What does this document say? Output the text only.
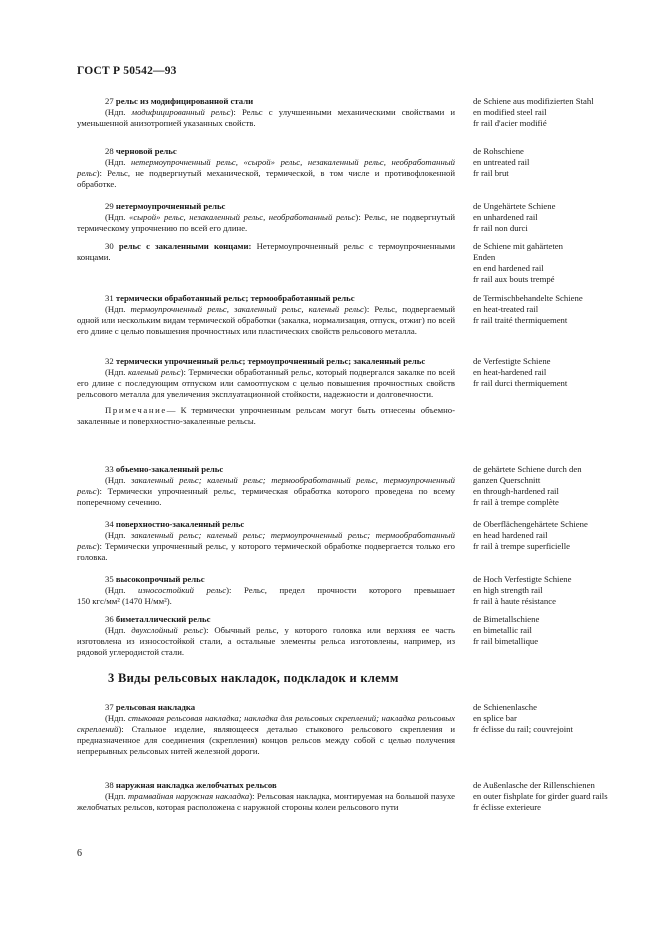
ГОСТ Р 50542—93

27 рельс из модифицированной стали

(Ндп. модифицированный рельс): Рельс с улучшенными механическими свойствами и уменьшенной анизотропией указанных свойств.

de Schiene aus modifizierten Stahl
en modified steel rail
fr rail d'acier modifié

28 черновой рельс

(Ндп. нетермоупрочненный рельс, «сырой» рельс, незакаленный рельс, необработанный рельс): Рельс, не подвергнутый механической, термической, в том числе и противофлокенной обработке.

de Rohschiene
en untreated rail
fr rail brut

29 нетермоупрочненный рельс

(Ндп. «сырой» рельс, незакаленный рельс, необработанный рельс): Рельс, не подвергнутый термическому упрочнению по всей его длине.

de Ungehärtete Schiene
en unhardened rail
fr rail non durci

30 рельс с закаленными концами: Нетермоупрочненный рельс с термоупрочненными концами.

de Schiene mit gahärteten
Enden
en end hardened rail
fr rail aux bouts trempé

31 термически обработанный рельс; термообработанный рельс

(Ндп. термоупрочненный рельс, закаленный рельс, каленый рельс): Рельс, подвергаемый одной или нескольким видам термической обработки (закалка, нормализация, отпуск, отжиг) по всей его длине с целью повышения прочностных или пластических свойств рельсового металла.

de Termischbehandelte Schiene
en heat-treated rail
fr rail traité thermiquement

32 термически упрочненный рельс; термоупрочненный рельс; закаленный рельс

(Ндп. каленый рельс): Термически обработанный рельс, который подвергался закалке по всей его длине с последующим отпуском или самоотпуском с целью повышения прочностных свойств рельсового металла для увеличения эксплуатационной стойкости, надежности и долговечности.

Примечание— К термически упрочненным рельсам могут быть отнесены объемно-закаленные и поверхностно-закаленные рельсы.

de Verfestigte Schiene
en heat-hardened rail
fr rail durci thermiquement

33 объемно-закаленный рельс

(Ндп. закаленный рельс; каленый рельс; термообработанный рельс, термоупрочненный рельс): Термически упрочненный рельс, термическая обработка которого проведена по всему поперечному сечению.

de gehärtete Schiene durch den
ganzen Querschnitt
en through-hardened rail
fr rail à trempe complète

34 поверхностно-закаленный рельс

(Ндп. закаленный рельс; каленый рельс; термоупрочненный рельс; термообработанный рельс): Термически упрочненный рельс, у которого термической обработке подвергается только его головка.

de Oberflächengehärtete Schiene
en head hardened rail
fr rail à trempe superficielle

35 высокопрочный рельс

(Ндп. износостойкий рельс): Рельс, предел прочности которого превышает

150 кгс/мм² (1470 Н/мм²).

de Hoch Verfestigte Schiene
en high strength rail
fr rail à haute résistance

36 биметаллический рельс

(Ндп. двухслойный рельс): Обычный рельс, у которого головка или верхняя ее часть изготовлена из износостойкой стали, а остальные элементы рельса изготовлены, например, из рядовой углеродистой стали.

de Bimetallschiene
en bimetallic rail
fr rail bimetallique
3 Виды рельсовых накладок, подкладок и клемм

37 рельсовая накладка

(Ндп. стыковая рельсовая накладка; накладка для рельсовых скреплений; накладка рельсовых скреплений): Стальное изделие, являющееся деталью стыкового рельсового скрепления и предназначенное для соединения (скрепления) концов рельсов между собой с целью получения непрерывных рельсовых нитей железной дороги.

de Schienenlasche
en splice bar
fr éclisse du rail; couvrejoint

38 наружная накладка желобчатых рельсов

(Ндп. трамвайная наружная накладка): Рельсовая накладка, монтируемая на большой пазухе желобчатых рельсов, которая расположена с наружной стороны колеи рельсового пути

de Außenlasche der Rillenschienen
en outer fishplate for girder guard rails
fr éclisse exterieure
6
